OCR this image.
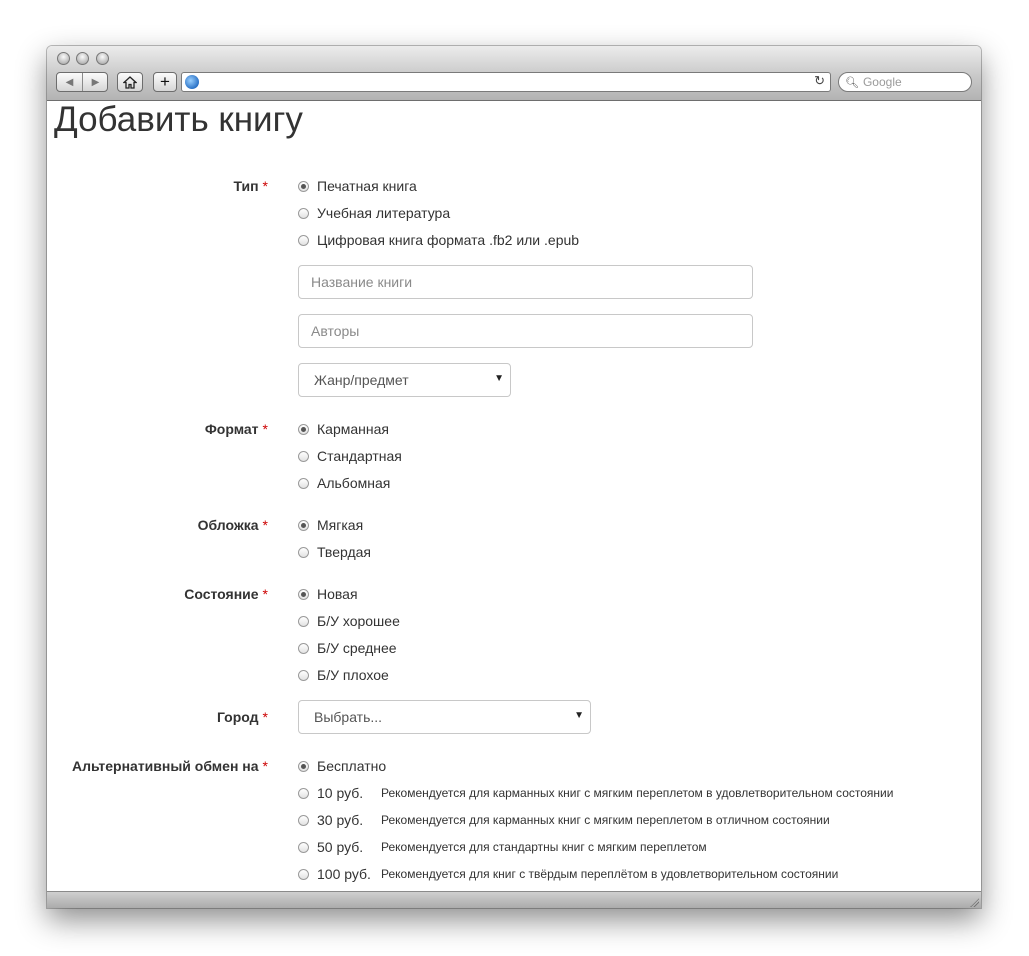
◀	▶	+	↻ 🔍︎ Google
Добавить книгу
Тип *	Печатная книга
Учебная литература
Цифровая книга формата .fb2 или .epub
Название книги
Авторы
Жанр/предмет	▼
Формат *	Карманная
Стандартная
Альбомная
Обложка *	Мягкая
Твердая
Состояние *	Новая
Б/У хорошее
Б/У среднее
Б/У плохое
Город *	Выбрать...	▼
Альтернативный обмен на *	Бесплатно
10 руб.	Рекомендуется для карманных книг с мягким переплетом в удовлетворительном состоянии
30 руб.	Рекомендуется для карманных книг с мягким переплетом в отличном состоянии
50 руб.	Рекомендуется для стандартны книг с мягким переплетом
100 руб. Рекомендуется для книг с твёрдым переплётом в удовлетворительном состоянии
